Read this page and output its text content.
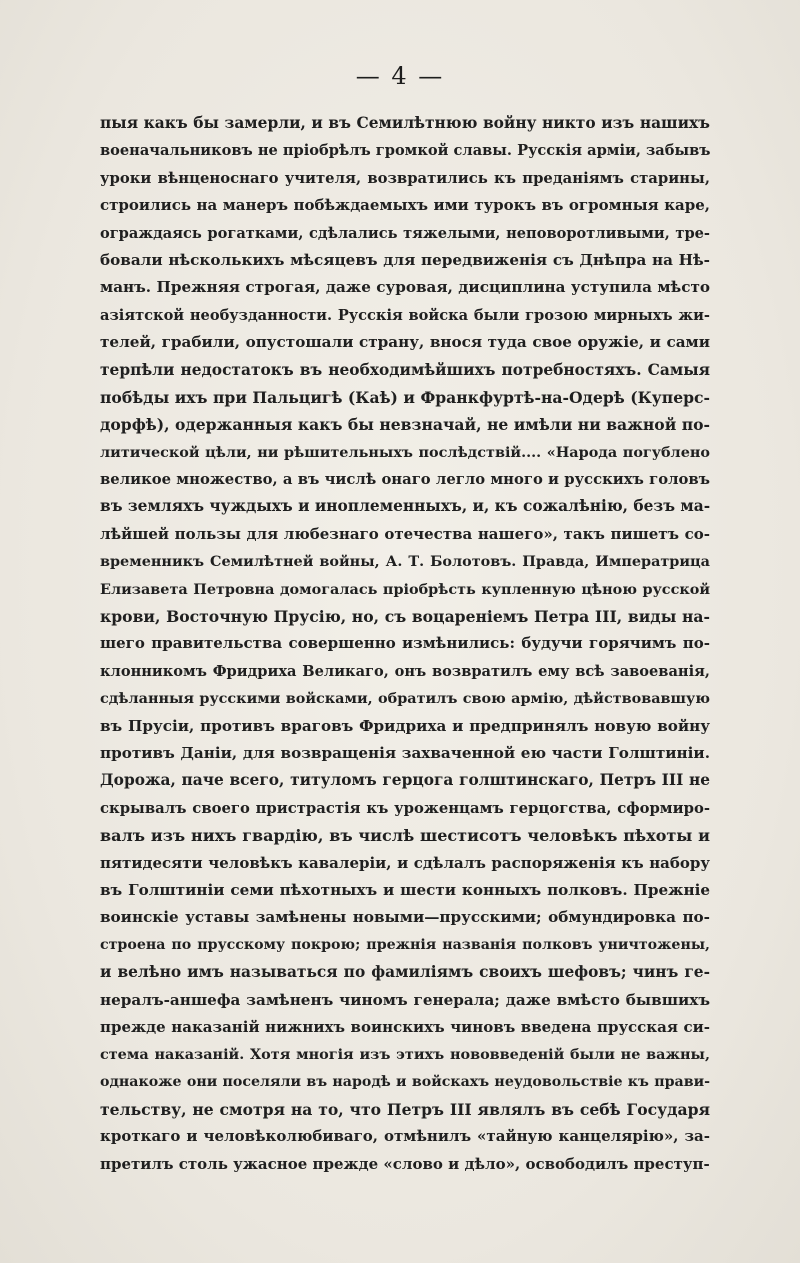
— 4 —
пыя какъ бы замерли, и въ Семилѣтнюю войну никто изъ нашихъ
военачальниковъ не пріобрѣлъ громкой славы. Русскія арміи, забывъ
уроки вѣнценоснаго учителя, возвратились къ преданіямъ старины,
строились на манеръ побѣждаемыхъ ими турокъ въ огромныя каре,
ограждаясь рогатками, сдѣлались тяжелыми, неповоротливыми, тре-
бовали нѣсколькихъ мѣсяцевъ для передвиженія съ Днѣпра на Нѣ-
манъ. Прежняя строгая, даже суровая, дисциплина уступила мѣсто
азіятской необузданности. Русскія войска были грозою мирныхъ жи-
телей, грабили, опустошали страну, внося туда свое оружіе, и сами
терпѣли недостатокъ въ необходимѣйшихъ потребностяхъ. Самыя
побѣды ихъ при Пальцигѣ (Каѣ) и Франкфуртѣ-на-Одерѣ (Куперс-
дорфѣ), одержанныя какъ бы невзначай, не имѣли ни важной по-
литической цѣли, ни рѣшительныхъ послѣдствій.... «Народа погублено
великое множество, а въ числѣ онаго легло много и русскихъ головъ
въ земляхъ чуждыхъ и иноплеменныхъ, и, къ сожалѣнію, безъ ма-
лѣйшей пользы для любезнаго отечества нашего», такъ пишетъ со-
временникъ Семилѣтней войны, А. Т. Болотовъ. Правда, Императрица
Елизавета Петровна домогалась пріобрѣсть купленную цѣною русской
крови, Восточную Прусію, но, съ воцареніемъ Петра III, виды на-
шего правительства совершенно измѣнились: будучи горячимъ по-
клонникомъ Фридриха Великаго, онъ возвратилъ ему всѣ завоеванія,
сдѣланныя русскими войсками, обратилъ свою армію, дѣйствовавшую
въ Прусіи, противъ враговъ Фридриха и предпринялъ новую войну
противъ Даніи, для возвращенія захваченной ею части Голштиніи.
Дорожа, паче всего, титуломъ герцога голштинскаго, Петръ III не
скрывалъ своего пристрастія къ уроженцамъ герцогства, сформиро-
валъ изъ нихъ гвардію, въ числѣ шестисотъ человѣкъ пѣхоты и
пятидесяти человѣкъ кавалеріи, и сдѣлалъ распоряженія къ набору
въ Голштиніи семи пѣхотныхъ и шести конныхъ полковъ. Прежніе
воинскіе уставы замѣнены новыми—прусскими; обмундировка по-
строена по прусскому покрою; прежнія названія полковъ уничтожены,
и велѣно имъ называться по фамиліямъ своихъ шефовъ; чинъ ге-
нералъ-аншефа замѣненъ чиномъ генерала; даже вмѣсто бывшихъ
прежде наказаній нижнихъ воинскихъ чиновъ введена прусская си-
стема наказаній. Хотя многія изъ этихъ нововведеній были не важны,
однакоже они поселяли въ народѣ и войскахъ неудовольствіе къ прави-
тельству, не смотря на то, что Петръ III являлъ въ себѣ Государя
кроткаго и человѣколюбиваго, отмѣнилъ «тайную канцелярію», за-
претилъ столь ужасное прежде «слово и дѣло», освободилъ преступ-
